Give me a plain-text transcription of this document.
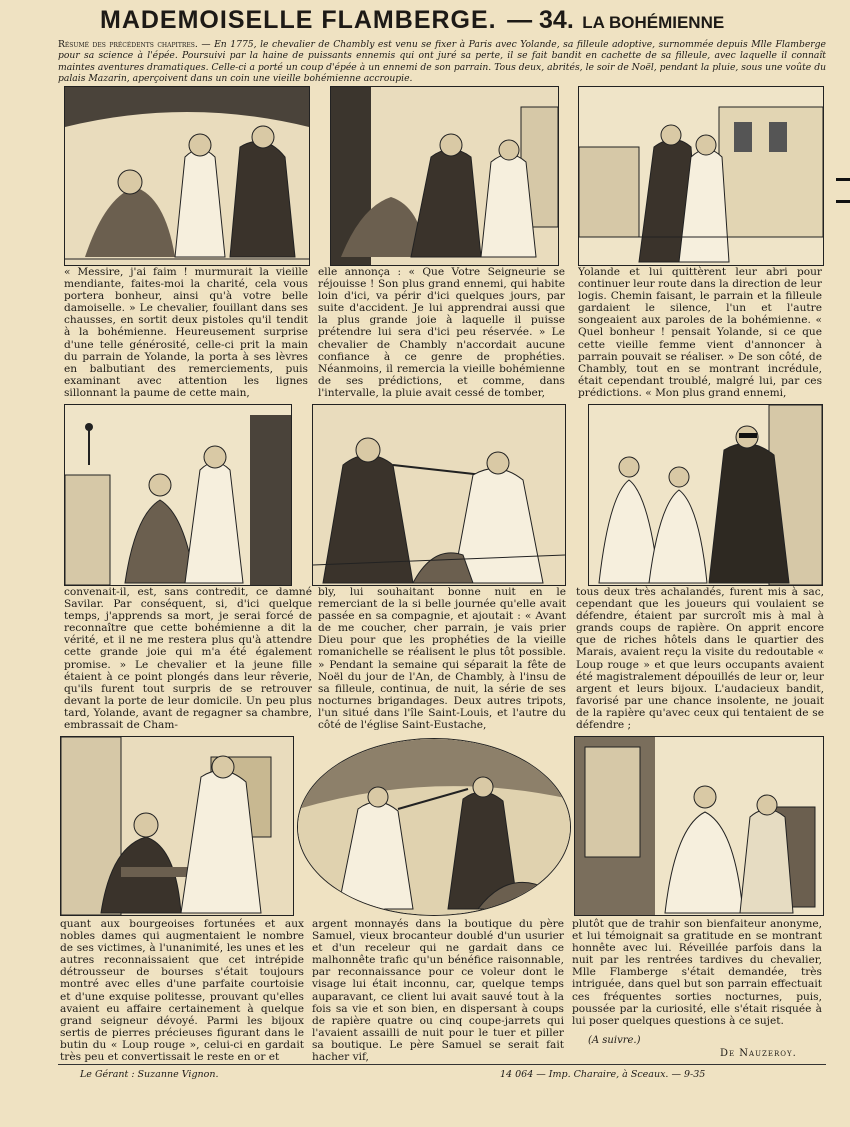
MADEMOISELLE FLAMBERGE. — 34. LA BOHÉMIENNE
Résumé des précédents chapitres. — En 1775, le chevalier de Chambly est venu se fixer à Paris avec Yolande, sa filleule adoptive, surnommée depuis Mlle Flamberge pour sa science à l'épée. Poursuivi par la haine de puissants ennemis qui ont juré sa perte, il se fait bandit en cachette de sa filleule, avec laquelle il connaît maintes aventures dramatiques. Celle-ci a porté un coup d'épée à un ennemi de son parrain. Tous deux, abrités, le soir de Noël, pendant la pluie, sous une voûte du palais Mazarin, aperçoivent dans un coin une vieille bohémienne accroupie.
« Messire, j'ai faim ! murmurait la vieille mendiante, faites-moi la charité, cela vous portera bonheur, ainsi qu'à votre belle damoiselle. » Le chevalier, fouillant dans ses chausses, en sortit deux pistoles qu'il tendit à la bohémienne. Heureusement surprise d'une telle générosité, celle-ci prit la main du parrain de Yolande, la porta à ses lèvres en balbutiant des remerciements, puis examinant avec attention les lignes sillonnant la paume de cette main,
elle annonça : « Que Votre Seigneurie se réjouisse ! Son plus grand ennemi, qui habite loin d'ici, va périr d'ici quelques jours, par suite d'accident. Je lui apprendrai aussi que la plus grande joie à laquelle il puisse prétendre lui sera d'ici peu réservée. » Le chevalier de Chambly n'accordait aucune confiance à ce genre de prophéties. Néanmoins, il remercia la vieille bohémienne de ses prédictions, et comme, dans l'intervalle, la pluie avait cessé de tomber,
Yolande et lui quittèrent leur abri pour continuer leur route dans la direction de leur logis. Chemin faisant, le parrain et la filleule gardaient le silence, l'un et l'autre songeaient aux paroles de la bohémienne. « Quel bonheur ! pensait Yolande, si ce que cette vieille femme vient d'annoncer à parrain pouvait se réaliser. » De son côté, de Chambly, tout en se montrant incrédule, était cependant troublé, malgré lui, par ces prédictions. « Mon plus grand ennemi,
convenait-il, est, sans contredit, ce damné Savilar. Par conséquent, si, d'ici quelque temps, j'apprends sa mort, je serai forcé de reconnaître que cette bohémienne a dit la vérité, et il ne me restera plus qu'à attendre cette grande joie qui m'a été également promise. » Le chevalier et la jeune fille étaient à ce point plongés dans leur rêverie, qu'ils furent tout surpris de se retrouver devant la porte de leur domicile. Un peu plus tard, Yolande, avant de regagner sa chambre, embrassait de Cham-
bly, lui souhaitant bonne nuit en le remerciant de la si belle journée qu'elle avait passée en sa compagnie, et ajoutait : « Avant de me coucher, cher parrain, je vais prier Dieu pour que les prophéties de la vieille romanichelle se réalisent le plus tôt possible. » Pendant la semaine qui séparait la fête de Noël du jour de l'An, de Chambly, à l'insu de sa filleule, continua, de nuit, la série de ses nocturnes brigandages. Deux autres tripots, l'un situé dans l'île Saint-Louis, et l'autre du côté de l'église Saint-Eustache,
tous deux très achalandés, furent mis à sac, cependant que les joueurs qui voulaient se défendre, étaient par surcroît mis à mal à grands coups de rapière. On apprit encore que de riches hôtels dans le quartier des Marais, avaient reçu la visite du redoutable « Loup rouge » et que leurs occupants avaient été magistralement dépouillés de leur or, leur argent et leurs bijoux. L'audacieux bandit, favorisé par une chance insolente, ne jouait de la rapière qu'avec ceux qui tentaient de se défendre ;
quant aux bourgeoises fortunées et aux nobles dames qui augmentaient le nombre de ses victimes, à l'unanimité, les unes et les autres reconnaissaient que cet intrépide détrousseur de bourses s'était toujours montré avec elles d'une parfaite courtoisie et d'une exquise politesse, prouvant qu'elles avaient eu affaire certainement à quelque grand seigneur dévoyé. Parmi les bijoux sertis de pierres précieuses figurant dans le butin du « Loup rouge », celui-ci en gardait très peu et convertissait le reste en or et
argent monnayés dans la boutique du père Samuel, vieux brocanteur doublé d'un usurier et d'un receleur qui ne gardait dans ce malhonnête trafic qu'un bénéfice raisonnable, par reconnaissance pour ce voleur dont le visage lui était inconnu, car, quelque temps auparavant, ce client lui avait sauvé tout à la fois sa vie et son bien, en dispersant à coups de rapière quatre ou cinq coupe-jarrets qui l'avaient assailli de nuit pour le tuer et piller sa boutique. Le père Samuel se serait fait hacher vif,
plutôt que de trahir son bienfaiteur anonyme, et lui témoignait sa gratitude en se montrant honnête avec lui. Réveillée parfois dans la nuit par les rentrées tardives du chevalier, Mlle Flamberge s'était demandée, très intriguée, dans quel but son parrain effectuait ces fréquentes sorties nocturnes, puis, poussée par la curiosité, elle s'était risquée à lui poser quelques questions à ce sujet.
(A suivre.)
De Nauzeroy.
Le Gérant : Suzanne Vignon.	14 064 — Imp. Charaire, à Sceaux. — 9-35
